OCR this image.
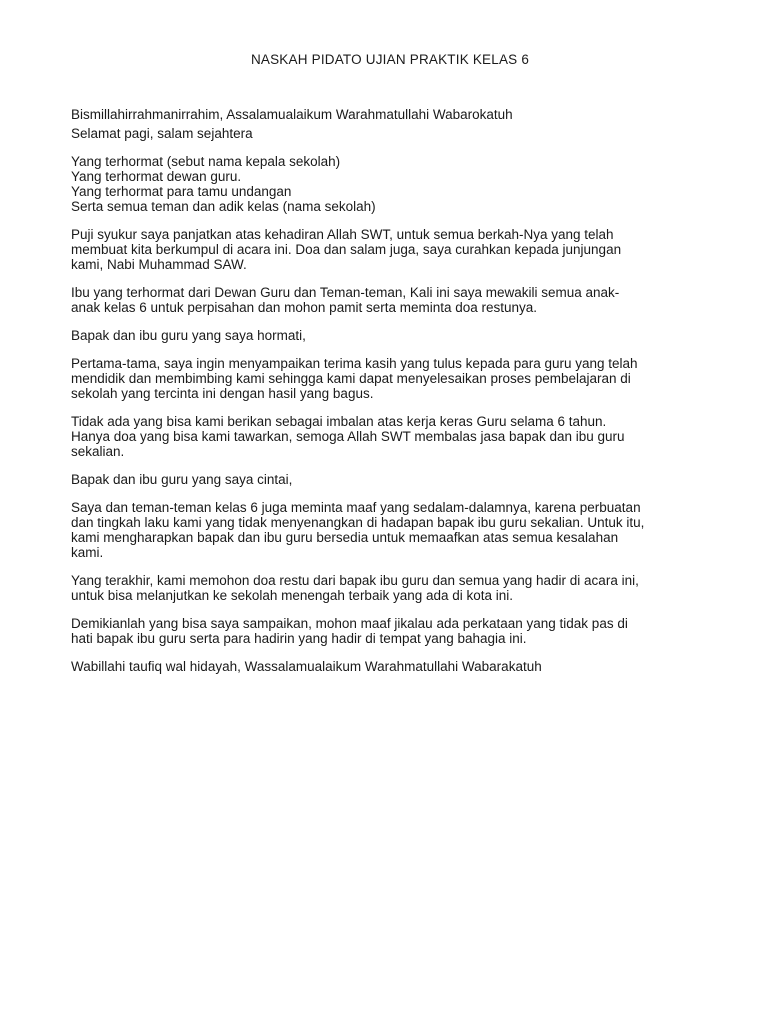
NASKAH PIDATO UJIAN PRAKTIK KELAS 6

Bismillahirrahmanirrahim, Assalamualaikum Warahmatullahi Wabarokatuh

Selamat pagi, salam sejahtera

Yang terhormat (sebut nama kepala sekolah)
Yang terhormat dewan guru.
Yang terhormat para tamu undangan
Serta semua teman dan adik kelas (nama sekolah)

Puji syukur saya panjatkan atas kehadiran Allah SWT, untuk semua berkah-Nya yang telah
membuat kita berkumpul di acara ini. Doa dan salam juga, saya curahkan kepada junjungan
kami, Nabi Muhammad SAW.

Ibu yang terhormat dari Dewan Guru dan Teman-teman, Kali ini saya mewakili semua anak-
anak kelas 6 untuk perpisahan dan mohon pamit serta meminta doa restunya.

Bapak dan ibu guru yang saya hormati,

Pertama-tama, saya ingin menyampaikan terima kasih yang tulus kepada para guru yang telah
mendidik dan membimbing kami sehingga kami dapat menyelesaikan proses pembelajaran di
sekolah yang tercinta ini dengan hasil yang bagus.

Tidak ada yang bisa kami berikan sebagai imbalan atas kerja keras Guru selama 6 tahun.
Hanya doa yang bisa kami tawarkan, semoga Allah SWT membalas jasa bapak dan ibu guru
sekalian.

Bapak dan ibu guru yang saya cintai,

Saya dan teman-teman kelas 6 juga meminta maaf yang sedalam-dalamnya, karena perbuatan
dan tingkah laku kami yang tidak menyenangkan di hadapan bapak ibu guru sekalian. Untuk itu,
kami mengharapkan bapak dan ibu guru bersedia untuk memaafkan atas semua kesalahan
kami.

Yang terakhir, kami memohon doa restu dari bapak ibu guru dan semua yang hadir di acara ini,
untuk bisa melanjutkan ke sekolah menengah terbaik yang ada di kota ini.

Demikianlah yang bisa saya sampaikan, mohon maaf jikalau ada perkataan yang tidak pas di
hati bapak ibu guru serta para hadirin yang hadir di tempat yang bahagia ini.

Wabillahi taufiq wal hidayah, Wassalamualaikum Warahmatullahi Wabarakatuh
